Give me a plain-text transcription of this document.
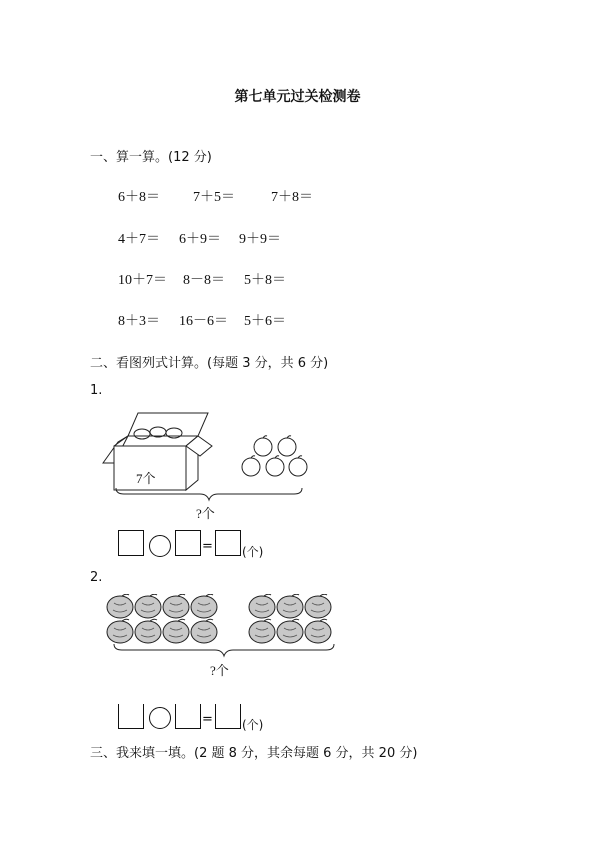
第七单元过关检测卷
一、算一算。(12 分)
6＋8＝ 7＋5＝	7＋8＝
4＋7＝ 6＋9＝ 9＋9＝
10＋7＝ 8－8＝ 5＋8＝
8＋3＝ 16－6＝ 5＋6＝
二、看图列式计算。(每题 3 分，共 6 分)
1.
7个
?个
= (个)
2.
?个
= (个)
三、我来填一填。(2 题 8 分，其余每题 6 分，共 20 分)
